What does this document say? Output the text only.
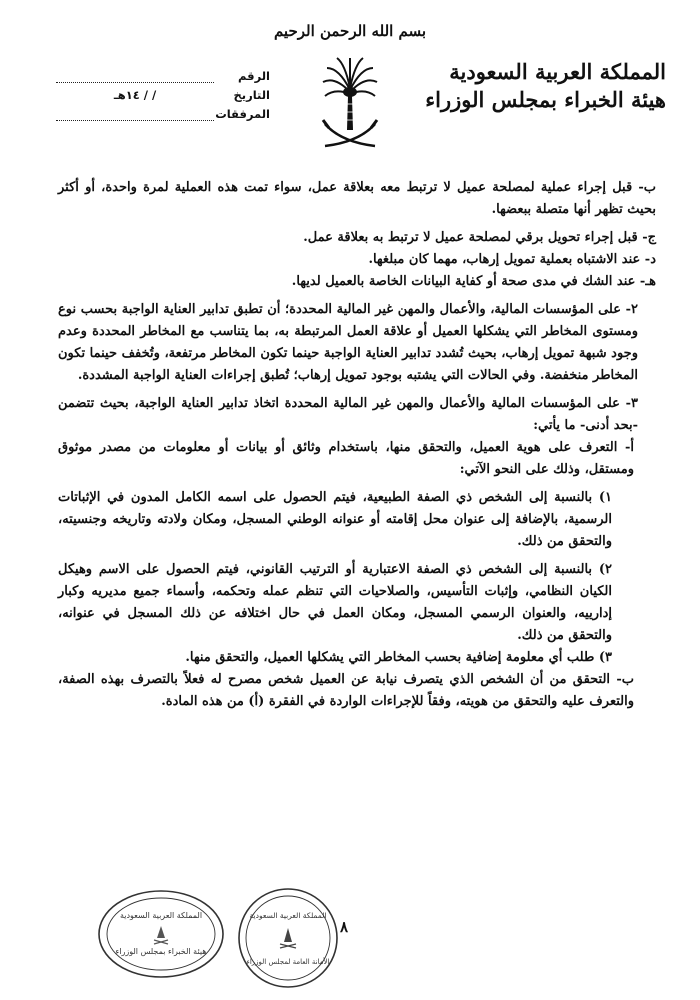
بسم الله الرحمن الرحيم
المملكة العربية السعودية
هيئة الخبراء بمجلس الوزراء
الرقم
التاريخ
/ / ١٤هـ
المرفقات

ب- قبل إجراء عملية لمصلحة عميل لا ترتبط معه بعلاقة عمل، سواء تمت هذه العملية لمرة واحدة، أو أكثر بحيث تظهر أنها متصلة ببعضها.

ج- قبل إجراء تحويل برقي لمصلحة عميل لا ترتبط به بعلاقة عمل.

د- عند الاشتباه بعملية تمويل إرهاب، مهما كان مبلغها.

هـ- عند الشك في مدى صحة أو كفاية البيانات الخاصة بالعميل لديها.

٢- على المؤسسات المالية، والأعمال والمهن غير المالية المحددة؛ أن تطبق تدابير العناية الواجبة بحسب نوع ومستوى المخاطر التي يشكلها العميل أو علاقة العمل المرتبطة به، بما يتناسب مع المخاطر المحددة وعدم وجود شبهة تمويل إرهاب، بحيث تُشدد تدابير العناية الواجبة حينما تكون المخاطر مرتفعة، وتُخفف حينما تكون المخاطر منخفضة. وفي الحالات التي يشتبه بوجود تمويل إرهاب؛ تُطبق إجراءات العناية الواجبة المشددة.

٣- على المؤسسات المالية والأعمال والمهن غير المالية المحددة اتخاذ تدابير العناية الواجبة، بحيث تتضمن -بحد أدنى- ما يأتي:

أ- التعرف على هوية العميل، والتحقق منها، باستخدام وثائق أو بيانات أو معلومات من مصدر موثوق ومستقل، وذلك على النحو الآتي:

١) بالنسبة إلى الشخص ذي الصفة الطبيعية، فيتم الحصول على اسمه الكامل المدون في الإثباتات الرسمية، بالإضافة إلى عنوان محل إقامته أو عنوانه الوطني المسجل، ومكان ولادته وتاريخه وجنسيته، والتحقق من ذلك.

٢) بالنسبة إلى الشخص ذي الصفة الاعتبارية أو الترتيب القانوني، فيتم الحصول على الاسم وهيكل الكيان النظامي، وإثبات التأسيس، والصلاحيات التي تنظم عمله وتحكمه، وأسماء جميع مديريه وكبار إدارييه، والعنوان الرسمي المسجل، ومكان العمل في حال اختلافه عن ذلك المسجل في عنوانه، والتحقق من ذلك.

٣) طلب أي معلومة إضافية بحسب المخاطر التي يشكلها العميل، والتحقق منها.

ب- التحقق من أن الشخص الذي يتصرف نيابة عن العميل شخص مصرح له فعلاً بالتصرف بهذه الصفة، والتعرف عليه والتحقق من هويته، وفقاً للإجراءات الواردة في الفقرة (أ) من هذه المادة.

المملكة العربية السعودية
هيئة الخبراء بمجلس الوزراء
المملكة العربية السعودية
الأمانة العامة لمجلس الوزراء
٨
